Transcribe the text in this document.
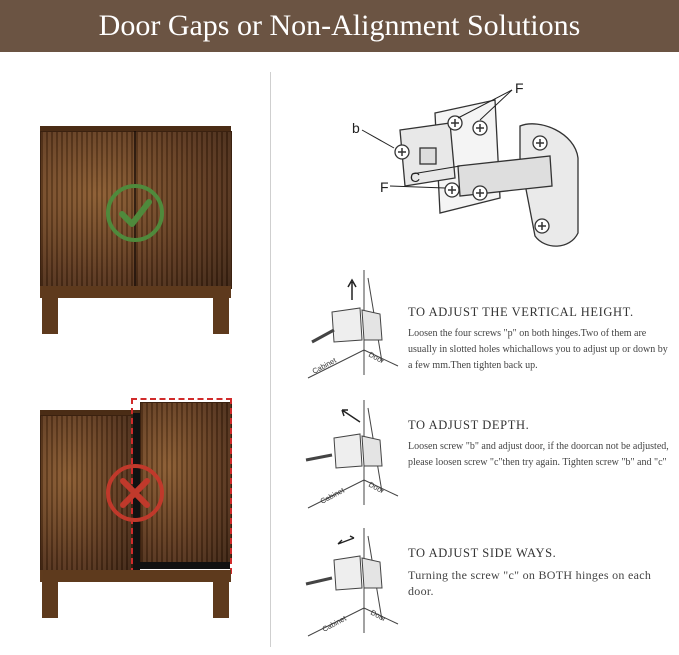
Door Gaps or Non-Alignment Solutions
b
F
F
C
Cabinet	Door
Cabinet	Door
Cabinet	Door
TO ADJUST THE VERTICAL HEIGHT.
Loosen the four screws "p" on both hinges.Two of them are usually in slotted holes whichallows you to adjust up or down by a few mm.Then tighten back up.
TO ADJUST DEPTH.
Loosen screw "b" and adjust door, if the doorcan not be adjusted, please loosen screw "c"then try again. Tighten screw "b" and "c"
TO ADJUST SIDE WAYS.
Turning the screw "c" on BOTH hinges on each door.
